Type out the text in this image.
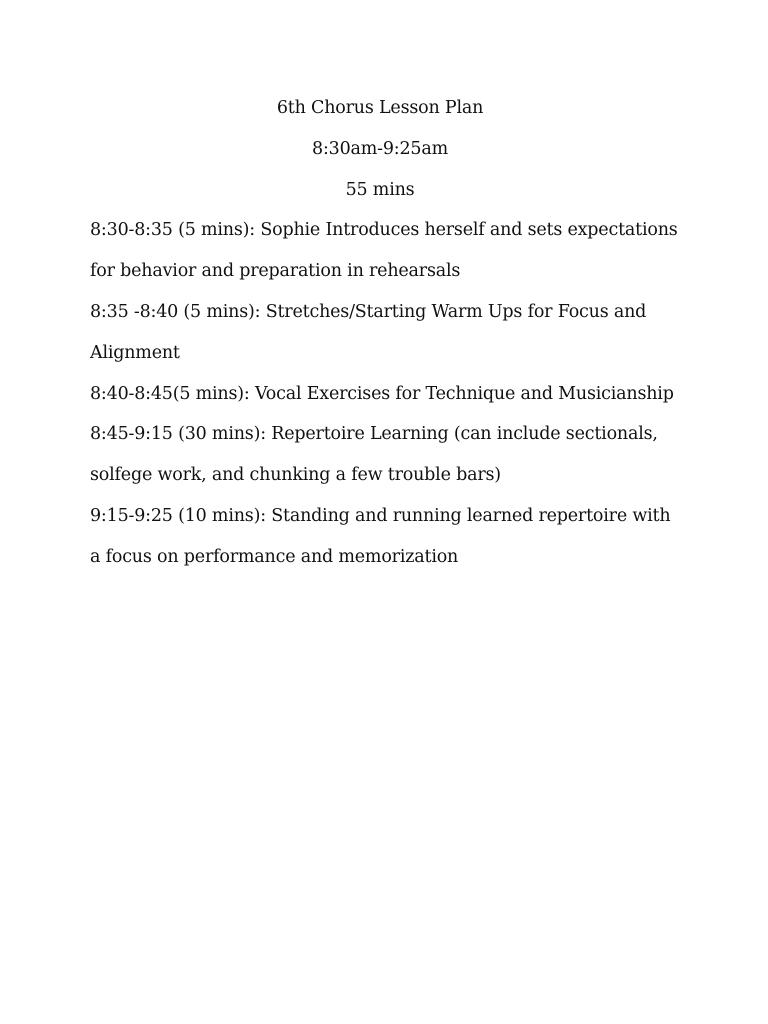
6th Chorus Lesson Plan

8:30am-9:25am

55 mins

8:30-8:35 (5 mins): Sophie Introduces herself and sets expectations for behavior and preparation in rehearsals

8:35 -8:40 (5 mins): Stretches/Starting Warm Ups for Focus and Alignment

8:40-8:45(5 mins): Vocal Exercises for Technique and Musicianship

8:45-9:15 (30 mins): Repertoire Learning (can include sectionals, solfege work, and chunking a few trouble bars)

9:15-9:25 (10 mins): Standing and running learned repertoire with a focus on performance and memorization
